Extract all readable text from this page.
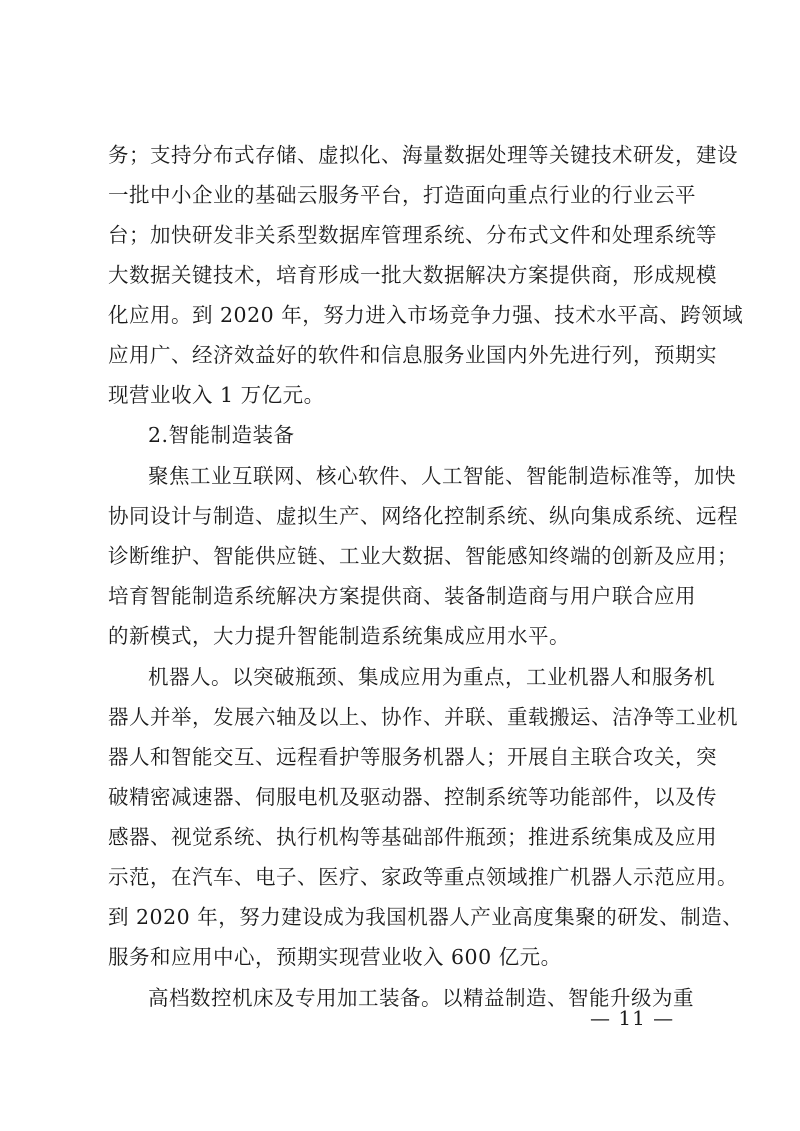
务；支持分布式存储、虚拟化、海量数据处理等关键技术研发，建设
一批中小企业的基础云服务平台，打造面向重点行业的行业云平
台；加快研发非关系型数据库管理系统、分布式文件和处理系统等
大数据关键技术，培育形成一批大数据解决方案提供商，形成规模
化应用。到 2020 年，努力进入市场竞争力强、技术水平高、跨领域
应用广、经济效益好的软件和信息服务业国内外先进行列，预期实
现营业收入 1 万亿元。
2.智能制造装备
聚焦工业互联网、核心软件、人工智能、智能制造标准等，加快
协同设计与制造、虚拟生产、网络化控制系统、纵向集成系统、远程
诊断维护、智能供应链、工业大数据、智能感知终端的创新及应用；
培育智能制造系统解决方案提供商、装备制造商与用户联合应用
的新模式，大力提升智能制造系统集成应用水平。
机器人。以突破瓶颈、集成应用为重点，工业机器人和服务机
器人并举，发展六轴及以上、协作、并联、重载搬运、洁净等工业机
器人和智能交互、远程看护等服务机器人；开展自主联合攻关，突
破精密减速器、伺服电机及驱动器、控制系统等功能部件，以及传
感器、视觉系统、执行机构等基础部件瓶颈；推进系统集成及应用
示范，在汽车、电子、医疗、家政等重点领域推广机器人示范应用。
到 2020 年，努力建设成为我国机器人产业高度集聚的研发、制造、
服务和应用中心，预期实现营业收入 600 亿元。
高档数控机床及专用加工装备。以精益制造、智能升级为重
— 11 —
